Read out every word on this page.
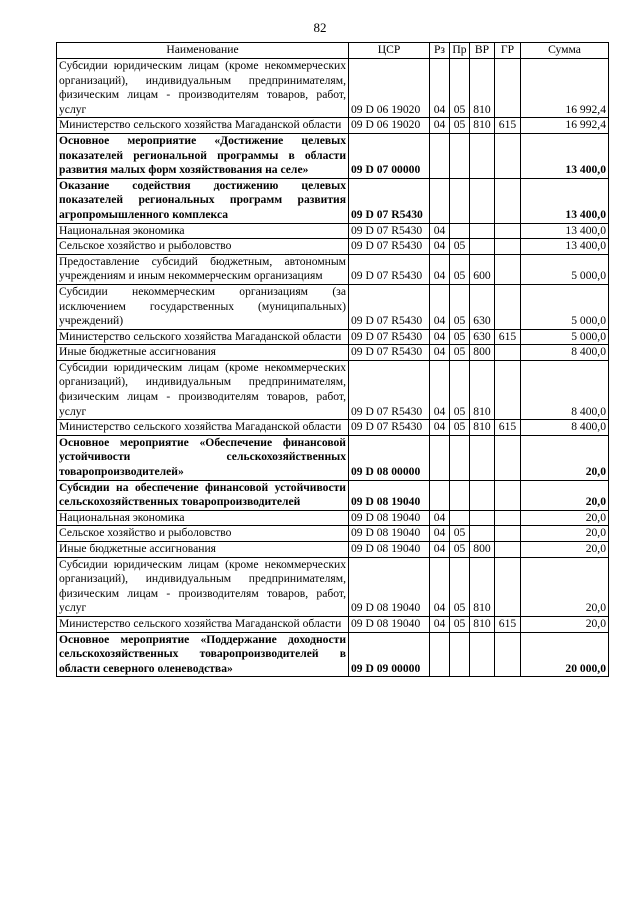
82
Наименование	ЦСР	Рз	Пр	ВР	ГР	Сумма
Субсидии юридическим лицам (кроме некоммерческих организаций), индивидуальным предпринимателям, физическим лицам - производителям товаров, работ, услуг	09 D 06 19020	04	05	810		16 992,4
Министерство сельского хозяйства Магаданской области	09 D 06 19020	04	05	810	615	16 992,4
Основное мероприятие «Достижение целевых показателей региональной программы в области развития малых форм хозяйствования на селе»	09 D 07 00000					13 400,0
Оказание содействия достижению целевых показателей региональных программ развития агропромышленного комплекса	09 D 07 R5430					13 400,0
Национальная экономика	09 D 07 R5430	04				13 400,0
Сельское хозяйство и рыболовство	09 D 07 R5430	04	05			13 400,0
Предоставление субсидий бюджетным, автономным учреждениям и иным некоммерческим организациям	09 D 07 R5430	04	05	600		5 000,0
Субсидии некоммерческим организациям (за исключением государственных (муниципальных) учреждений)	09 D 07 R5430	04	05	630		5 000,0
Министерство сельского хозяйства Магаданской области	09 D 07 R5430	04	05	630	615	5 000,0
Иные бюджетные ассигнования	09 D 07 R5430	04	05	800		8 400,0
Субсидии юридическим лицам (кроме некоммерческих организаций), индивидуальным предпринимателям, физическим лицам - производителям товаров, работ, услуг	09 D 07 R5430	04	05	810		8 400,0
Министерство сельского хозяйства Магаданской области	09 D 07 R5430	04	05	810	615	8 400,0
Основное мероприятие «Обеспечение финансовой устойчивости сельскохозяйственных товаропроизводителей»	09 D 08 00000					20,0
Субсидии на обеспечение финансовой устойчивости сельскохозяйственных товаропроизводителей	09 D 08 19040					20,0
Национальная экономика	09 D 08 19040	04				20,0
Сельское хозяйство и рыболовство	09 D 08 19040	04	05			20,0
Иные бюджетные ассигнования	09 D 08 19040	04	05	800		20,0
Субсидии юридическим лицам (кроме некоммерческих организаций), индивидуальным предпринимателям, физическим лицам - производителям товаров, работ, услуг	09 D 08 19040	04	05	810		20,0
Министерство сельского хозяйства Магаданской области	09 D 08 19040	04	05	810	615	20,0
Основное мероприятие «Поддержание доходности сельскохозяйственных товаропроизводителей в области северного оленеводства»	09 D 09 00000					20 000,0
